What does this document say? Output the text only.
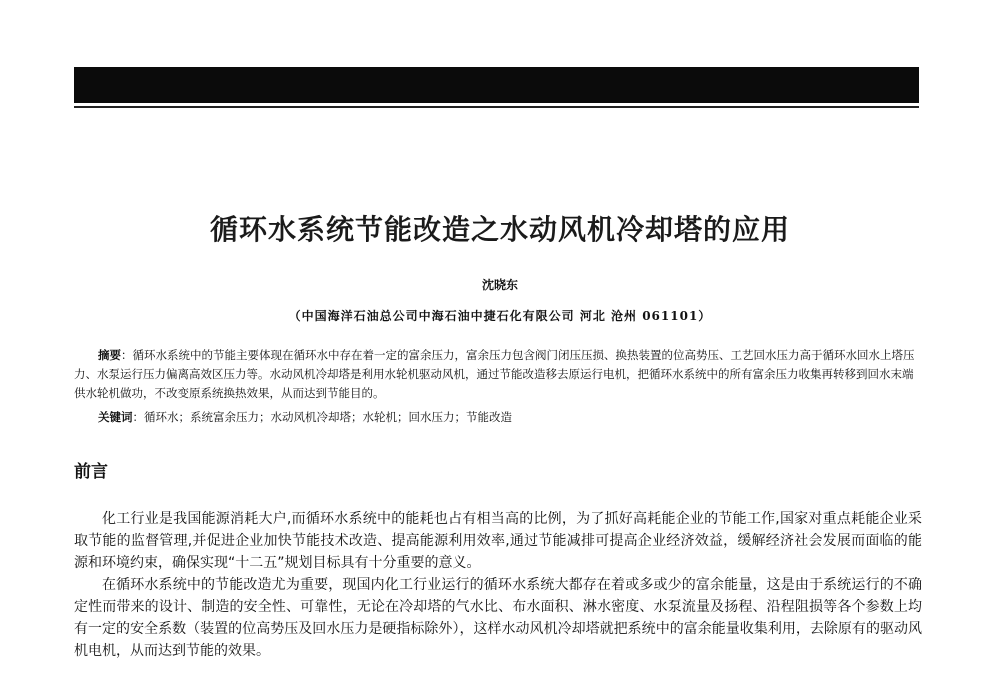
循环水系统节能改造之水动风机冷却塔的应用
沈晓东
（中国海洋石油总公司中海石油中捷石化有限公司 河北 沧州 061101）
摘要：循环水系统中的节能主要体现在循环水中存在着一定的富余压力，富余压力包含阀门闭压压损、换热装置的位高势压、工艺回水压力高于循环水回水上塔压力、水泵运行压力偏离高效区压力等。水动风机冷却塔是利用水轮机驱动风机，通过节能改造移去原运行电机，把循环水系统中的所有富余压力收集再转移到回水末端供水轮机做功，不改变原系统换热效果，从而达到节能目的。
关键词：循环水；系统富余压力；水动风机冷却塔；水轮机；回水压力；节能改造
前言

化工行业是我国能源消耗大户,而循环水系统中的能耗也占有相当高的比例，为了抓好高耗能企业的节能工作,国家对重点耗能企业采取节能的监督管理,并促进企业加快节能技术改造、提高能源利用效率,通过节能减排可提高企业经济效益，缓解经济社会发展而面临的能源和环境约束，确保实现“十二五”规划目标具有十分重要的意义。

在循环水系统中的节能改造尤为重要，现国内化工行业运行的循环水系统大都存在着或多或少的富余能量，这是由于系统运行的不确定性而带来的设计、制造的安全性、可靠性，无论在冷却塔的气水比、布水面积、淋水密度、水泵流量及扬程、沿程阻损等各个参数上均有一定的安全系数（装置的位高势压及回水压力是硬指标除外），这样水动风机冷却塔就把系统中的富余能量收集利用，去除原有的驱动风机电机，从而达到节能的效果。
